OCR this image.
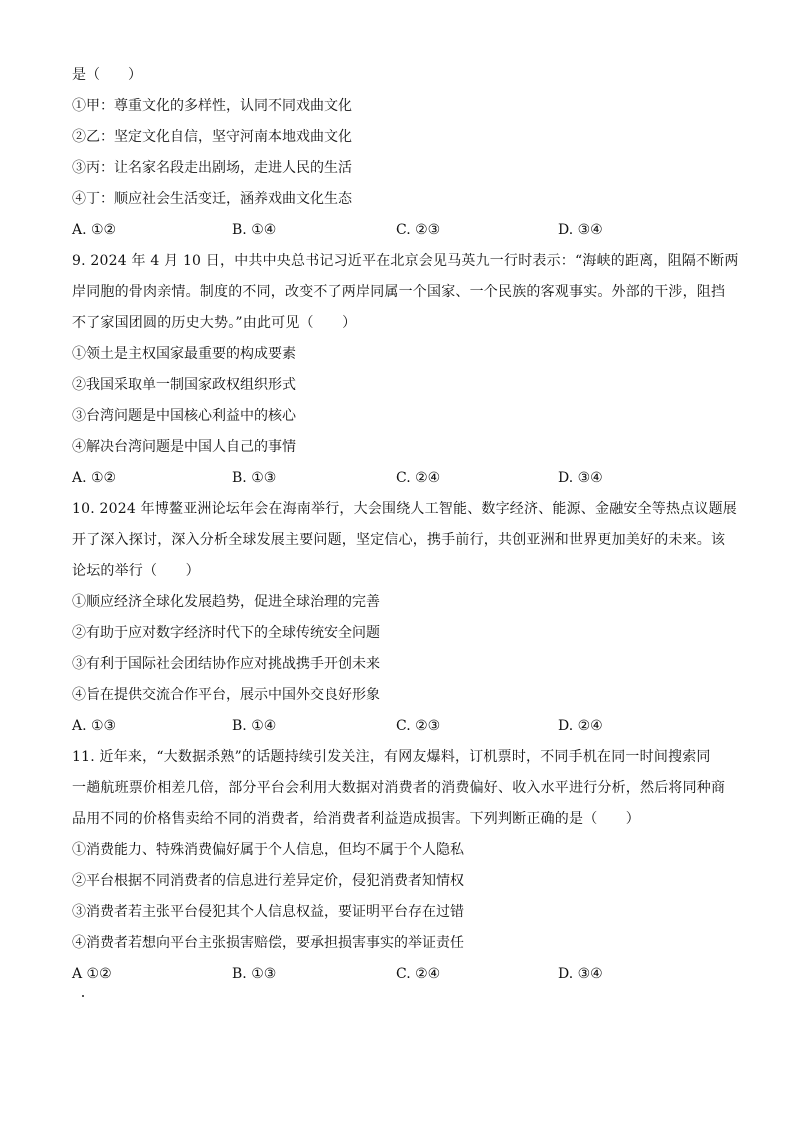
是（　　）
①甲：尊重文化的多样性，认同不同戏曲文化
②乙：坚定文化自信，坚守河南本地戏曲文化
③丙：让名家名段走出剧场，走进人民的生活
④丁：顺应社会生活变迁，涵养戏曲文化生态
A. ①②	B. ①④	C. ②③	D. ③④
9. 2024 年 4 月 10 日，中共中央总书记习近平在北京会见马英九一行时表示：“海峡的距离，阻隔不断两
岸同胞的骨肉亲情。制度的不同，改变不了两岸同属一个国家、一个民族的客观事实。外部的干涉，阻挡
不了家国团圆的历史大势。”由此可见（　　）
①领土是主权国家最重要的构成要素
②我国采取单一制国家政权组织形式
③台湾问题是中国核心利益中的核心
④解决台湾问题是中国人自己的事情
A. ①②	B. ①③	C. ②④	D. ③④
10. 2024 年博鳌亚洲论坛年会在海南举行，大会围绕人工智能、数字经济、能源、金融安全等热点议题展
开了深入探讨，深入分析全球发展主要问题，坚定信心，携手前行，共创亚洲和世界更加美好的未来。该
论坛的举行（　　）
①顺应经济全球化发展趋势，促进全球治理的完善
②有助于应对数字经济时代下的全球传统安全问题
③有利于国际社会团结协作应对挑战携手开创未来
④旨在提供交流合作平台，展示中国外交良好形象
A. ①③	B. ①④	C. ②③	D. ②④
11. 近年来，“大数据杀熟”的话题持续引发关注，有网友爆料，订机票时，不同手机在同一时间搜索同
一趟航班票价相差几倍，部分平台会利用大数据对消费者的消费偏好、收入水平进行分析，然后将同种商
品用不同的价格售卖给不同的消费者，给消费者利益造成损害。下列判断正确的是（　　）
①消费能力、特殊消费偏好属于个人信息，但均不属于个人隐私
②平台根据不同消费者的信息进行差异定价，侵犯消费者知情权
③消费者若主张平台侵犯其个人信息权益，要证明平台存在过错
④消费者若想向平台主张损害赔偿，要承担损害事实的举证责任
A ①②	B. ①③	C. ②④	D. ③④
